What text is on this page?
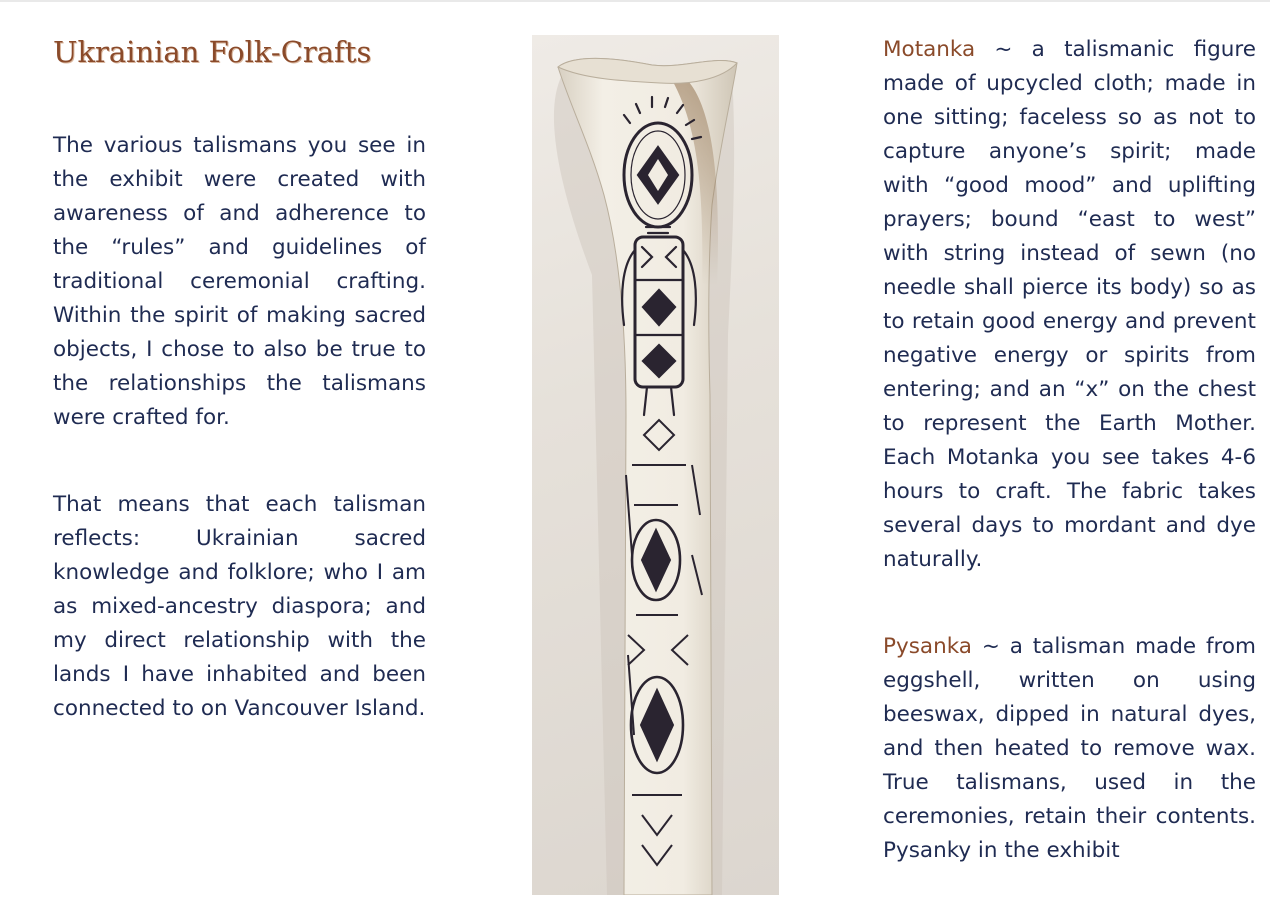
Ukrainian Folk-Crafts

The various talismans you see in the exhibit were created with awareness of and adherence to the “rules” and guidelines of traditional ceremonial crafting. Within the spirit of making sacred objects, I chose to also be true to the relationships the talismans were crafted for.

That means that each talisman reflects: Ukrainian sacred knowledge and folklore; who I am as mixed-ancestry diaspora; and my direct relationship with the lands I have inhabited and been connected to on Vancouver Island.

Motanka ~ a talismanic figure made of upcycled cloth; made in one sitting; faceless so as not to capture anyone’s spirit; made with “good mood” and uplifting prayers; bound “east to west” with string instead of sewn (no needle shall pierce its body) so as to retain good energy and prevent negative energy or spirits from entering; and an “x” on the chest to represent the Earth Mother. Each Motanka you see takes 4-6 hours to craft. The fabric takes several days to mordant and dye naturally.

Pysanka ~ a talisman made from eggshell, written on using beeswax, dipped in natural dyes, and then heated to remove wax. True talismans, used in the ceremonies, retain their contents. Pysanky in the exhibit
